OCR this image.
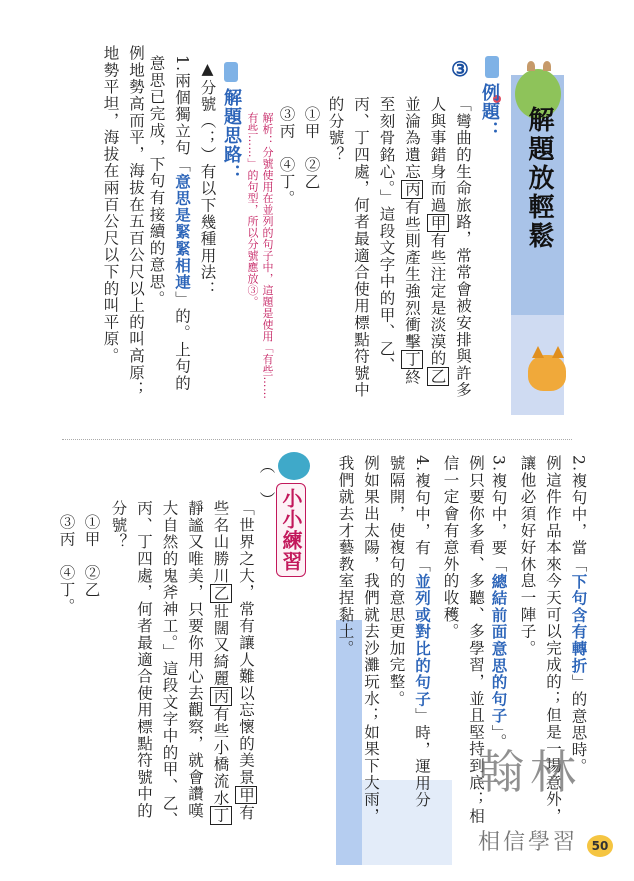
解題放輕鬆
例題：
③
「彎曲的生命旅路，常常會被安排與許多人與事錯身而過甲有些注定是淡漠的乙並淪為遺忘丙有些則產生強烈衝擊丁終至刻骨銘心。」這段文字中的甲、乙、丙、丁四處，何者最適合使用標點符號中的分號？
①甲　②乙
③丙　④丁。
解析：分號使用在並列的句子中，這題是使用「有些……有些……」的句型，所以分號應放③。
解題思路：
▲分號（；）有以下幾種用法：
1.兩個獨立句「意思是緊緊相連」的。上句的意思已完成，下句有接續的意思。
例地勢高而平，海拔在五百公尺以上的叫高原；地勢平坦，海拔在兩百公尺以下的叫平原。
2.複句中，當「下句含有轉折」的意思時。
例這件作品本來今天可以完成的；但是一場意外，讓他必須好好休息一陣子。
3.複句中，要「總結前面意思的句子」。
例只要你多看、多聽、多學習，並且堅持到底；相信一定會有意外的收穫。
4.複句中，有「並列或對比的句子」時，運用分號隔開，使複句的意思更加完整。
例如果出太陽，我們就去沙灘玩水；如果下大雨，我們就去才藝教室捏黏土。
小小練習
（　）
「世界之大，常有讓人難以忘懷的美景甲有些名山勝川乙壯闊又綺麗丙有些小橋流水丁靜謐又唯美，只要你用心去觀察，就會讚嘆大自然的鬼斧神工。」這段文字中的甲、乙、丙、丁四處，何者最適合使用標點符號中的分號？
①甲　②乙
③丙　④丁。
翰林
相信學習	50
